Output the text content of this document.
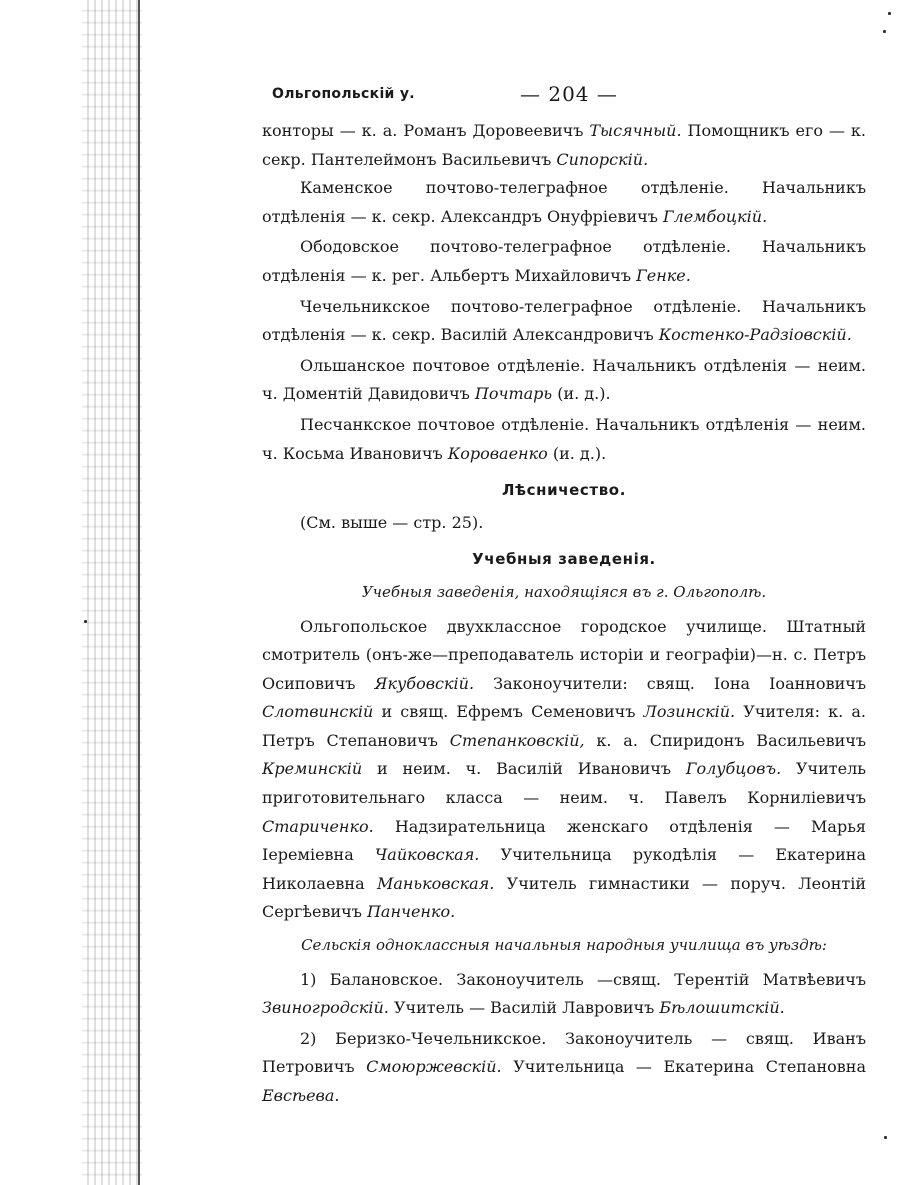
Ольгопольскій у.	— 204 —

конторы — к. а. Романъ Доровеевичъ Тысячный. Помощникъ его — к. секр. Пантелеймонъ Васильевичъ Сипорскій.

Каменское почтово-телеграфное отдѣленіе. Начальникъ отдѣленія — к. секр. Александръ Онуфріевичъ Глембоцкій.

Ободовское почтово-телеграфное отдѣленіе. Начальникъ отдѣленія — к. рег. Альбертъ Михайловичъ Генке.

Чечельникское почтово-телеграфное отдѣленіе. Начальникъ отдѣленія — к. секр. Василій Александровичъ Костенко-Радзіовскій.

Ольшанское почтовое отдѣленіе. Начальникъ отдѣленія — неим. ч. Доментій Давидовичъ Почтарь (и. д.).

Песчанкское почтовое отдѣленіе. Начальникъ отдѣленія — неим. ч. Косьма Ивановичъ Коровaенко (и. д.).

Лѣсничество.

(См. выше — стр. 25).

Учебныя заведенія.
Учебныя заведенія, находящіяся въ г. Ольгополѣ.

Ольгопольское двухклассное городское училище. Штатный смотритель (онъ-же—преподаватель исторіи и географіи)—н. с. Петръ Осиповичъ Якубовскій. Законоучители: свящ. Іона Іоанновичъ Слотвинскій и свящ. Ефремъ Семеновичъ Лозинскій. Учителя: к. а. Петръ Степановичъ Степанковскій, к. а. Спиридонъ Васильевичъ Креминскій и неим. ч. Василій Ивановичъ Голубцовъ. Учитель приготовительнаго класса — неим. ч. Павелъ Корниліевичъ Стариченко. Надзирательница женскаго отдѣленія — Марья Іереміевна Чайковская. Учительница рукодѣлія — Екатерина Николаевна Маньковская. Учитель гимнастики — поруч. Леонтій Сергѣевичъ Панченко.

Сельскія одноклассныя начальныя народныя училища въ уѣздѣ:

1) Балановское. Законоучитель —свящ. Терентій Матвѣевичъ Звиногродскій. Учитель — Василій Лавровичъ Бѣлошитскій.

2) Беризко-Чечельникское. Законоучитель — свящ. Иванъ Петровичъ Смоюржевскій. Учительница — Екатерина Степановна Евсѣева.
